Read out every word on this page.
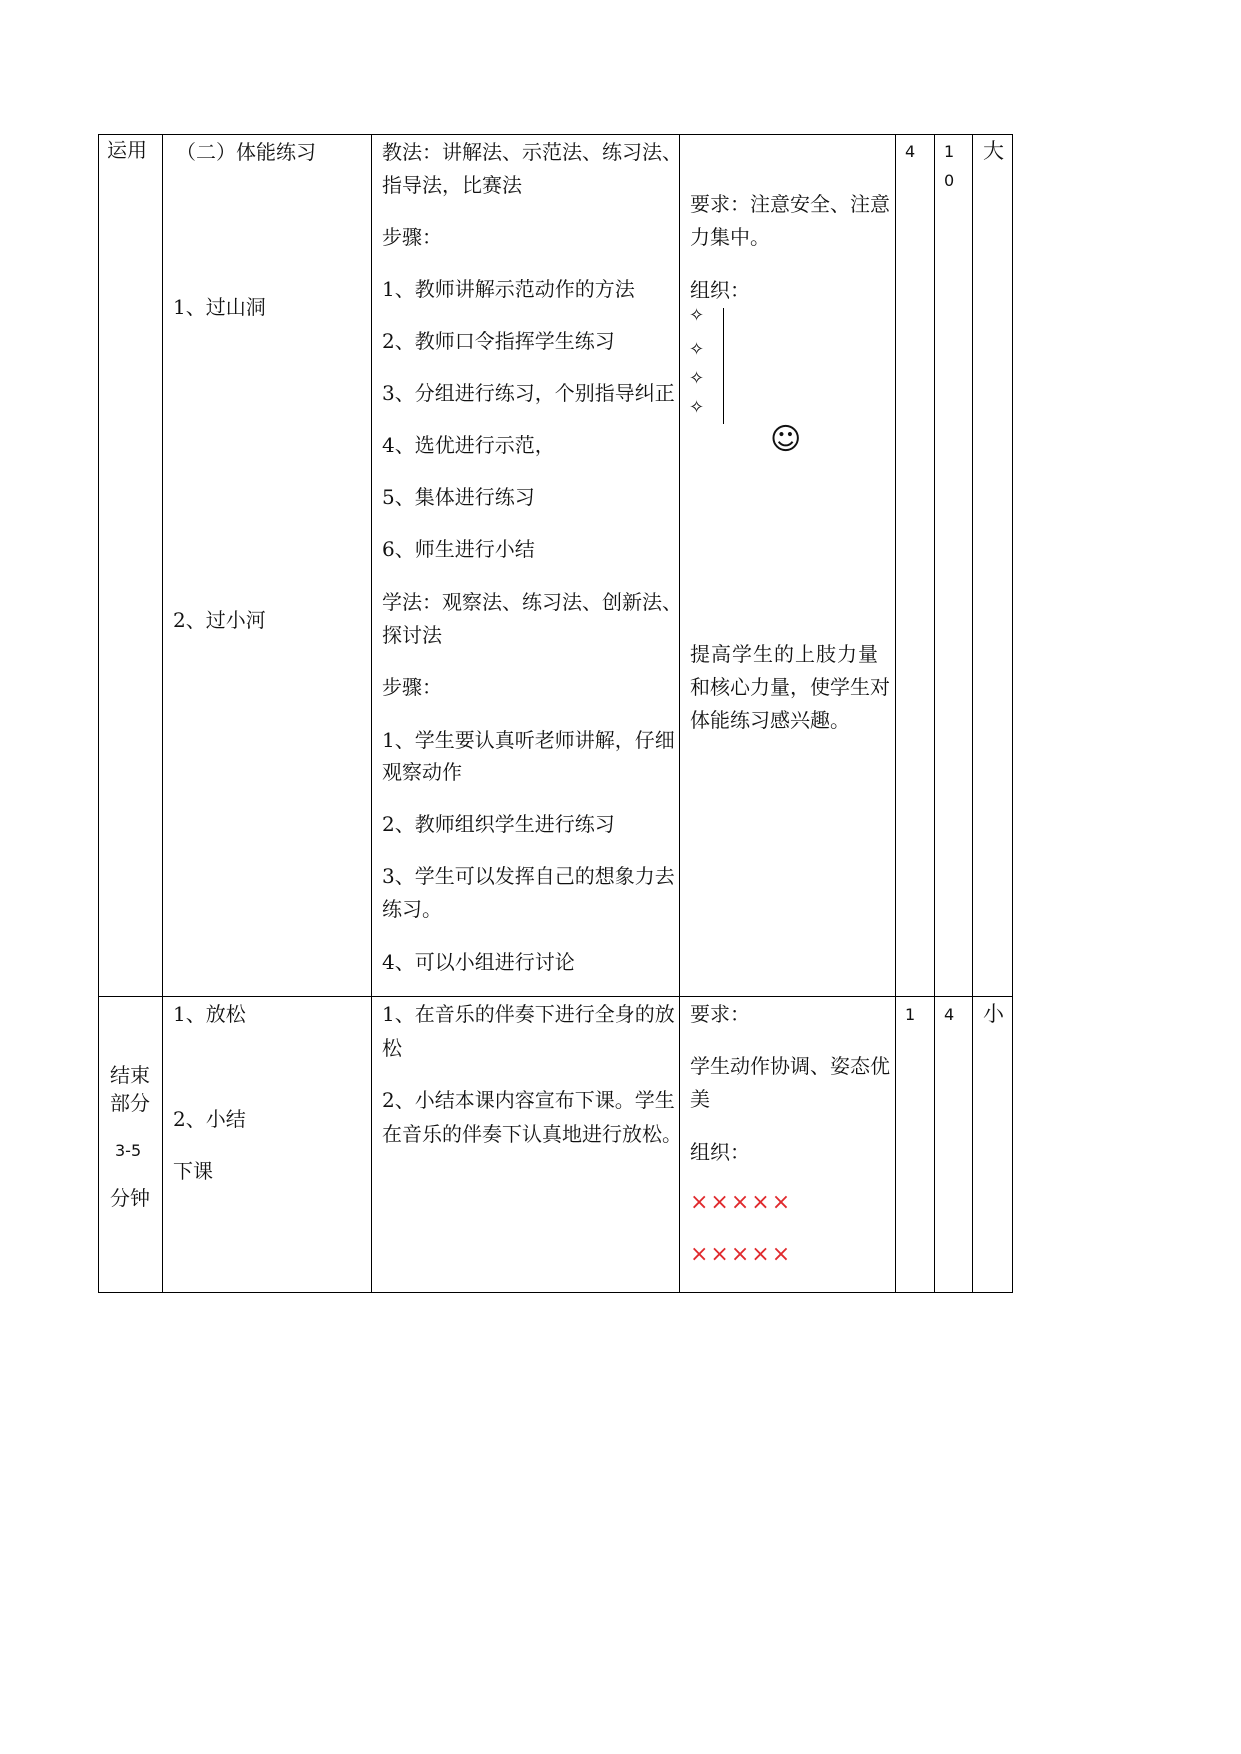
运用 （二）体能练习
1、过山洞
2、过小河
教法：讲解法、示范法、练习法、
指导法，比赛法
步骤：
1、教师讲解示范动作的方法
2、教师口令指挥学生练习
3、分组进行练习，个别指导纠正
4、选优进行示范，
5、集体进行练习
6、师生进行小结
学法：观察法、练习法、创新法、
探讨法
步骤：
1、学生要认真听老师讲解，仔细
观察动作
2、教师组织学生进行练习
3、学生可以发挥自己的想象力去
练习。
4、可以小组进行讨论
要求：注意安全、注意
力集中。
组织：
✧
✧
✧
✧
☺
提高学生的上肢力量
和核心力量，使学生对
体能练习感兴趣。
4 1
0
大
结束
部分
3-5
分钟
1、放松
2、小结
下课
1、在音乐的伴奏下进行全身的放
松
2、小结本课内容宣布下课。学生
在音乐的伴奏下认真地进行放松。
要求：
学生动作协调、姿态优
美
组织：
×××××
×××××
1 4 小
